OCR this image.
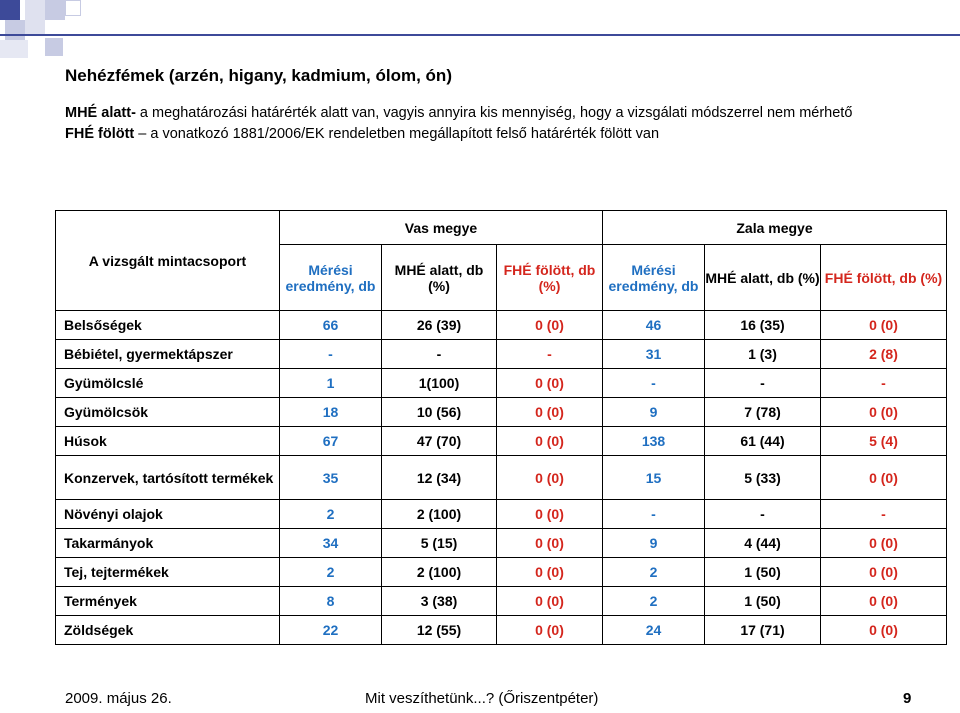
Nehézfémek (arzén, higany, kadmium, ólom, ón)
MHÉ alatt- a meghatározási határérték alatt van, vagyis annyira kis mennyiség, hogy a vizsgálati módszerrel nem mérhető
FHÉ fölött – a vonatkozó 1881/2006/EK rendeletben megállapított felső határérték fölött van
A vizsgált mintacsoport	Vas megye			Zala megye		
	Mérési eredmény, db	MHÉ alatt, db (%)	FHÉ fölött, db (%)	Mérési eredmény, db	MHÉ alatt, db (%)	FHÉ fölött, db (%)
Belsőségek	66	26 (39)	0 (0)	46	16 (35)	0 (0)
Bébiétel, gyermektápszer	-	-	-	31	1 (3)	2 (8)
Gyümölcslé	1	1(100)	0 (0)	-	-	-
Gyümölcsök	18	10 (56)	0 (0)	9	7 (78)	0 (0)
Húsok	67	47 (70)	0 (0)	138	61 (44)	5 (4)
Konzervek, tartósított termékek	35	12 (34)	0 (0)	15	5 (33)	0 (0)
Növényi olajok	2	2 (100)	0 (0)	-	-	-
Takarmányok	34	5 (15)	0 (0)	9	4 (44)	0 (0)
Tej, tejtermékek	2	2 (100)	0 (0)	2	1 (50)	0 (0)
Termények	8	3 (38)	0 (0)	2	1 (50)	0 (0)
Zöldségek	22	12 (55)	0 (0)	24	17 (71)	0 (0)
2009. május 26.	Mit veszíthetünk...? (Őriszentpéter)	9
